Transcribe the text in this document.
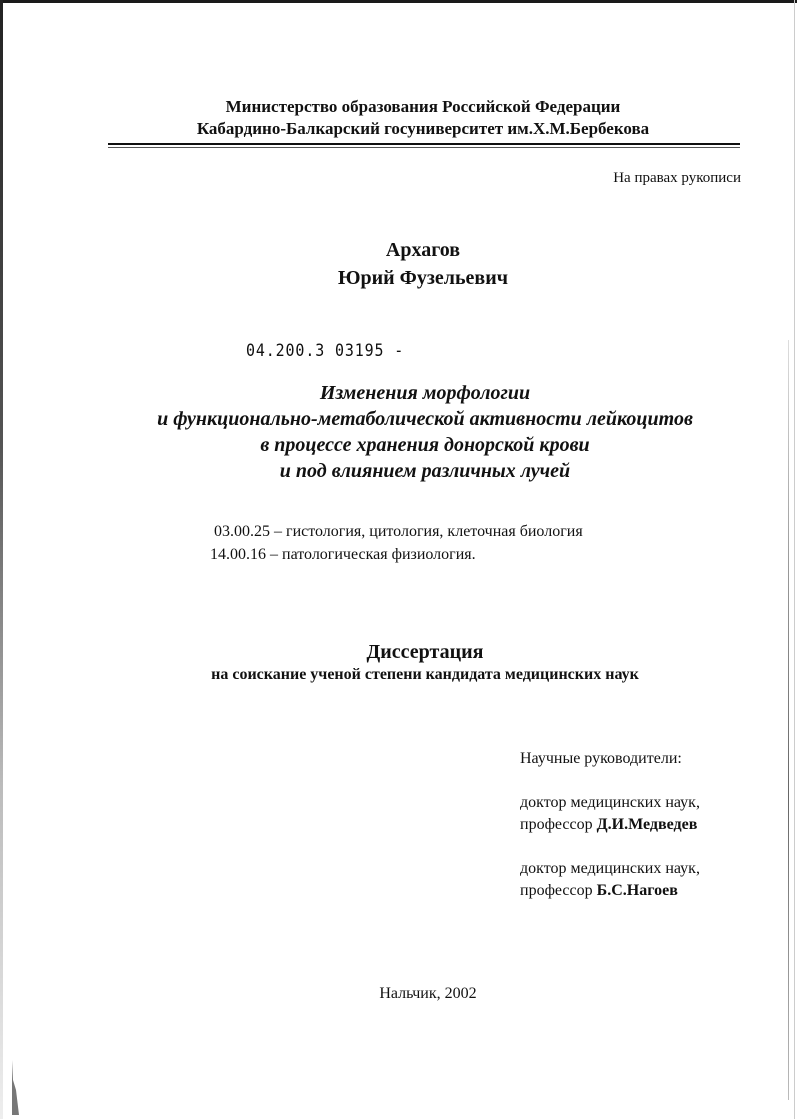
Министерство образования Российской Федерации
Кабардино-Балкарский госуниверситет им.Х.М.Бербекова
На правах рукописи
Архагов
Юрий Фузельевич
04.200.3 03195 -
Изменения морфологии
и функционально-метаболической активности лейкоцитов
в процессе хранения донорской крови
и под влиянием различных лучей
03.00.25 – гистология, цитология, клеточная биология
14.00.16 – патологическая физиология.
Диссертация
на соискание ученой степени кандидата медицинских наук
Научные руководители:
доктор медицинских наук,
профессор Д.И.Медведев
доктор медицинских наук,
профессор Б.С.Нагоев
Нальчик, 2002
